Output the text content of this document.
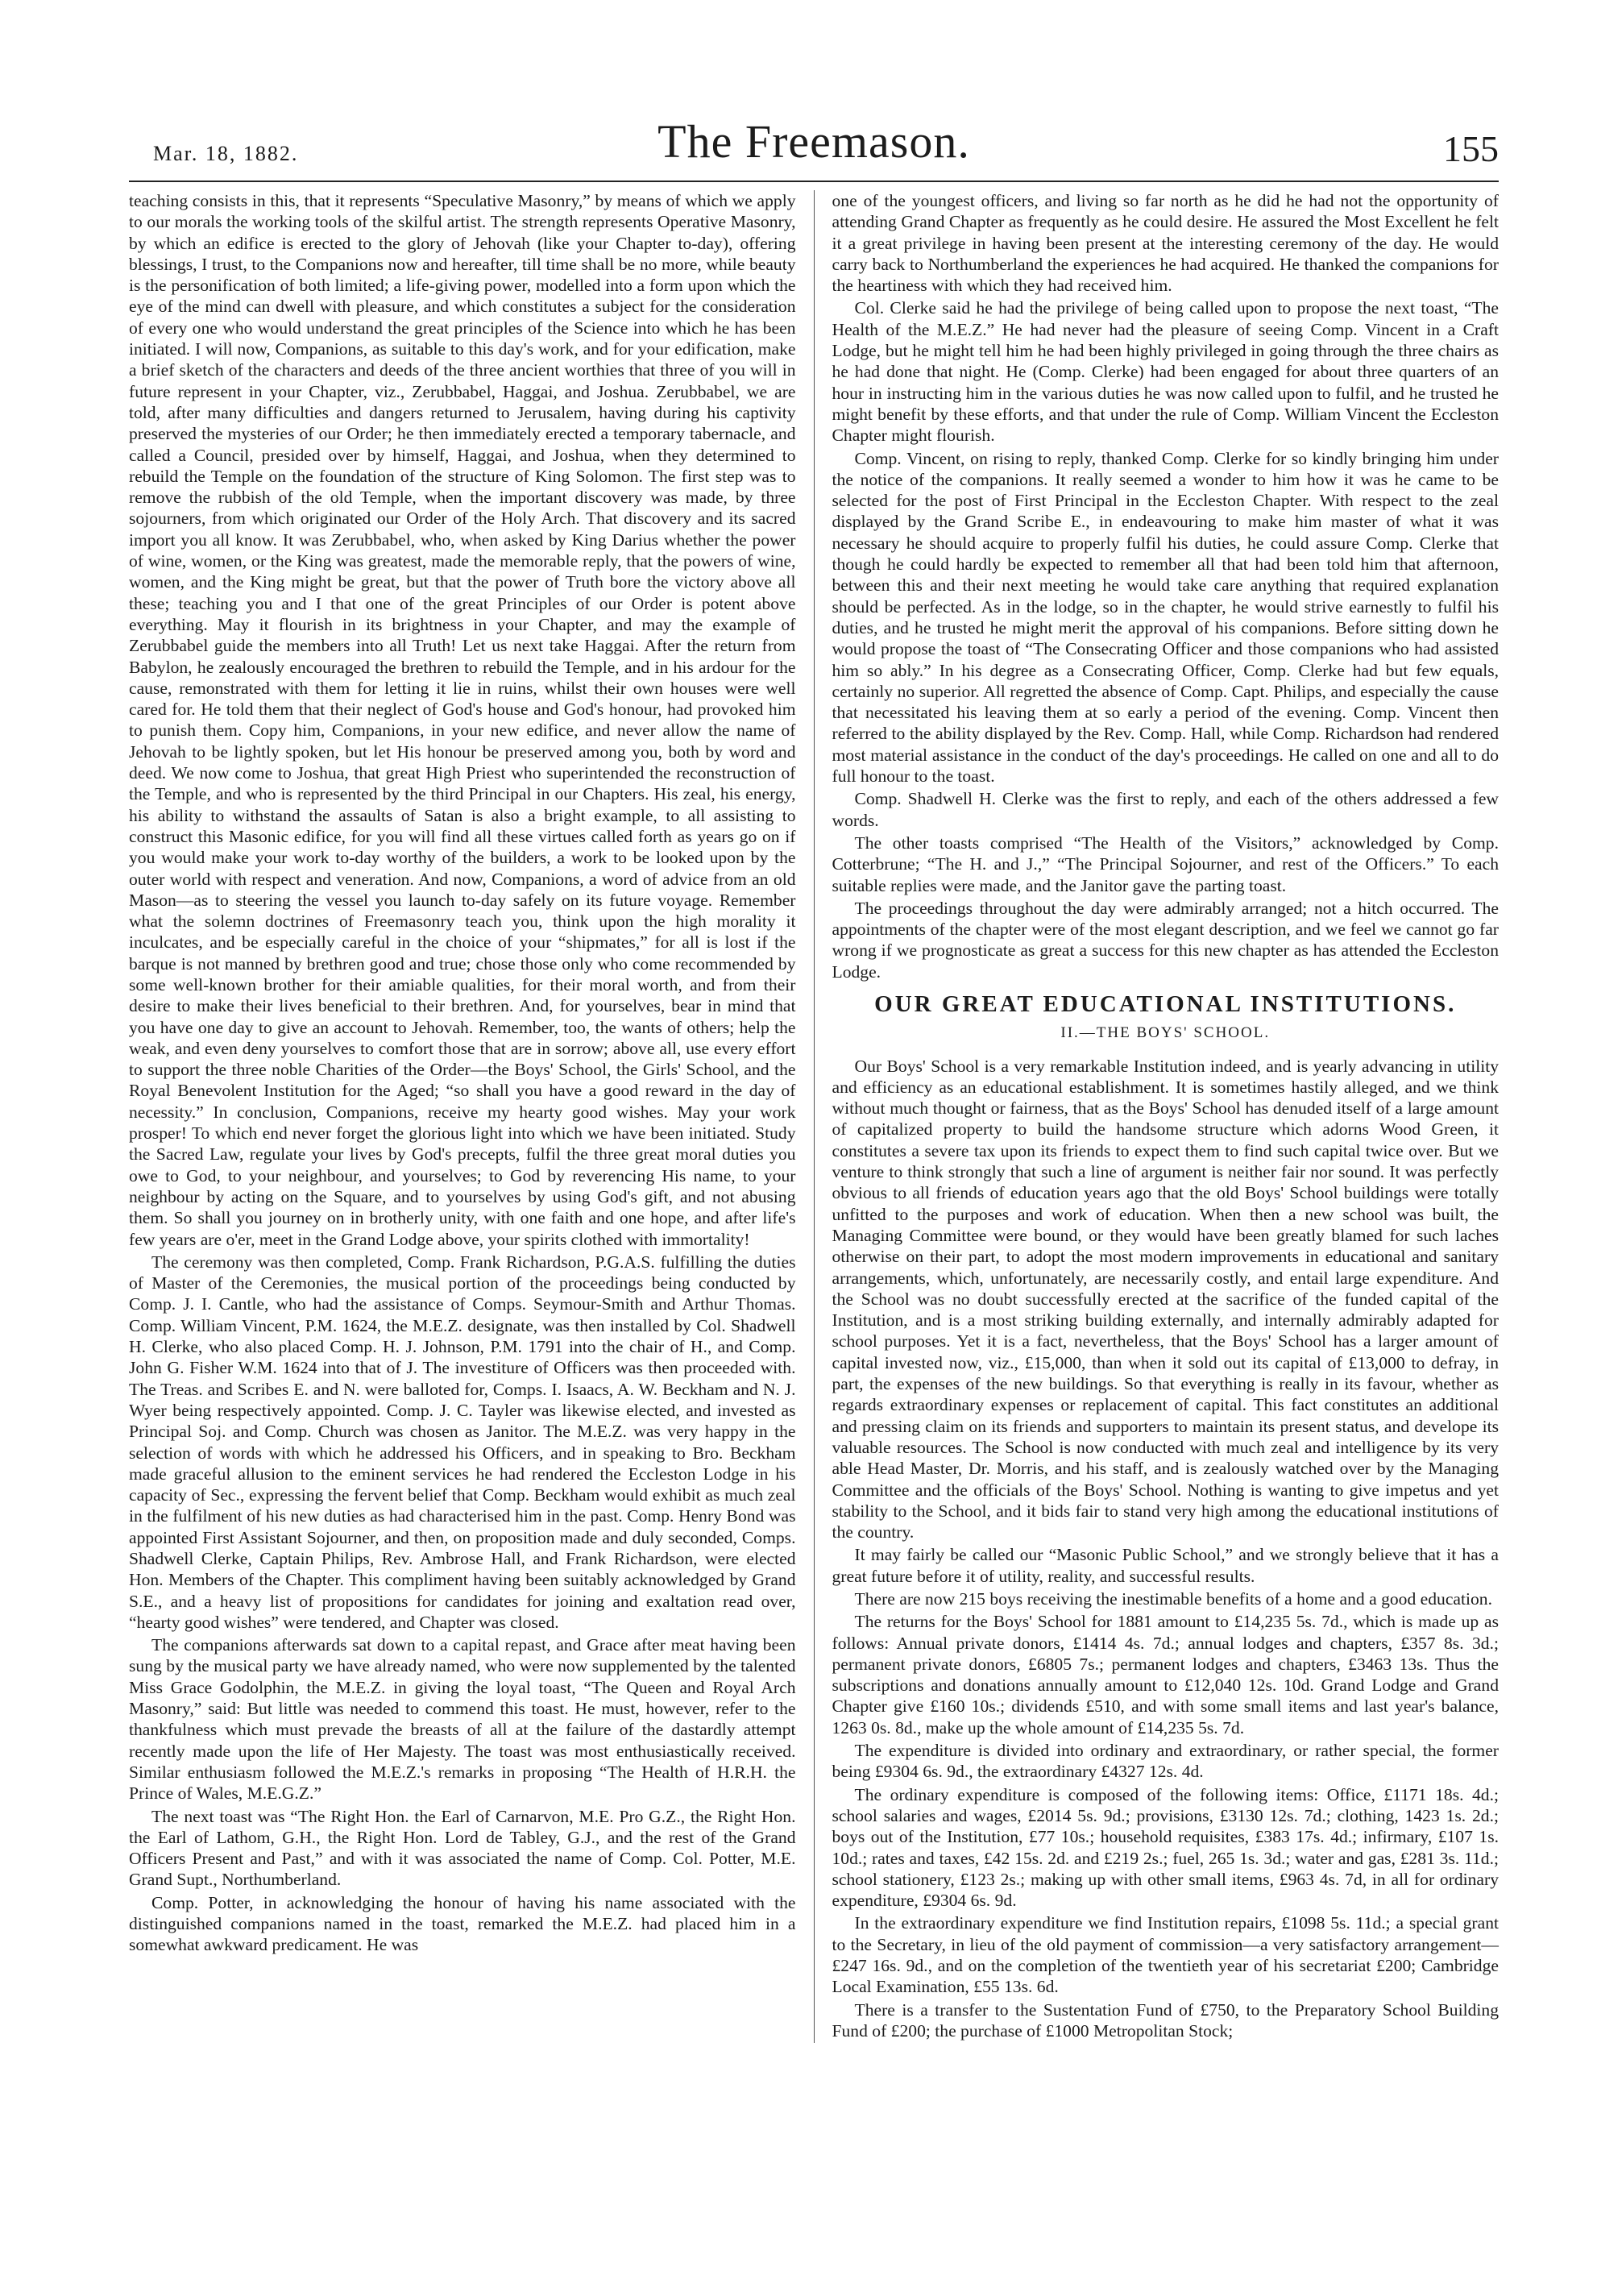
Mar. 18, 1882.	The Freemason.	155

teaching consists in this, that it represents “Speculative Masonry,” by means of which we apply to our morals the working tools of the skilful artist. The strength represents Operative Masonry, by which an edifice is erected to the glory of Jehovah (like your Chapter to-day), offering blessings, I trust, to the Companions now and hereafter, till time shall be no more, while beauty is the personification of both limited; a life-giving power, modelled into a form upon which the eye of the mind can dwell with pleasure, and which constitutes a subject for the consideration of every one who would understand the great principles of the Science into which he has been initiated. I will now, Companions, as suitable to this day's work, and for your edification, make a brief sketch of the characters and deeds of the three ancient worthies that three of you will in future represent in your Chapter, viz., Zerubbabel, Haggai, and Joshua. Zerubbabel, we are told, after many difficulties and dangers returned to Jerusalem, having during his captivity preserved the mysteries of our Order; he then immediately erected a temporary tabernacle, and called a Council, presided over by himself, Haggai, and Joshua, when they determined to rebuild the Temple on the foundation of the structure of King Solomon. The first step was to remove the rubbish of the old Temple, when the important discovery was made, by three sojourners, from which originated our Order of the Holy Arch. That discovery and its sacred import you all know. It was Zerubbabel, who, when asked by King Darius whether the power of wine, women, or the King was greatest, made the memorable reply, that the powers of wine, women, and the King might be great, but that the power of Truth bore the victory above all these; teaching you and I that one of the great Principles of our Order is potent above everything. May it flourish in its brightness in your Chapter, and may the example of Zerubbabel guide the members into all Truth! Let us next take Haggai. After the return from Babylon, he zealously encouraged the brethren to rebuild the Temple, and in his ardour for the cause, remonstrated with them for letting it lie in ruins, whilst their own houses were well cared for. He told them that their neglect of God's house and God's honour, had provoked him to punish them. Copy him, Companions, in your new edifice, and never allow the name of Jehovah to be lightly spoken, but let His honour be preserved among you, both by word and deed. We now come to Joshua, that great High Priest who superintended the reconstruction of the Temple, and who is represented by the third Principal in our Chapters. His zeal, his energy, his ability to withstand the assaults of Satan is also a bright example, to all assisting to construct this Masonic edifice, for you will find all these virtues called forth as years go on if you would make your work to-day worthy of the builders, a work to be looked upon by the outer world with respect and veneration. And now, Companions, a word of advice from an old Mason—as to steering the vessel you launch to-day safely on its future voyage. Remember what the solemn doctrines of Freemasonry teach you, think upon the high morality it inculcates, and be especially careful in the choice of your “shipmates,” for all is lost if the barque is not manned by brethren good and true; chose those only who come recommended by some well-known brother for their amiable qualities, for their moral worth, and from their desire to make their lives beneficial to their brethren. And, for yourselves, bear in mind that you have one day to give an account to Jehovah. Remember, too, the wants of others; help the weak, and even deny yourselves to comfort those that are in sorrow; above all, use every effort to support the three noble Charities of the Order—the Boys' School, the Girls' School, and the Royal Benevolent Institution for the Aged; “so shall you have a good reward in the day of necessity.” In conclusion, Companions, receive my hearty good wishes. May your work prosper! To which end never forget the glorious light into which we have been initiated. Study the Sacred Law, regulate your lives by God's precepts, fulfil the three great moral duties you owe to God, to your neighbour, and yourselves; to God by reverencing His name, to your neighbour by acting on the Square, and to yourselves by using God's gift, and not abusing them. So shall you journey on in brotherly unity, with one faith and one hope, and after life's few years are o'er, meet in the Grand Lodge above, your spirits clothed with immortality!

The ceremony was then completed, Comp. Frank Richardson, P.G.A.S. fulfilling the duties of Master of the Ceremonies, the musical portion of the proceedings being conducted by Comp. J. I. Cantle, who had the assistance of Comps. Seymour-Smith and Arthur Thomas. Comp. William Vincent, P.M. 1624, the M.E.Z. designate, was then installed by Col. Shadwell H. Clerke, who also placed Comp. H. J. Johnson, P.M. 1791 into the chair of H., and Comp. John G. Fisher W.M. 1624 into that of J. The investiture of Officers was then proceeded with. The Treas. and Scribes E. and N. were balloted for, Comps. I. Isaacs, A. W. Beckham and N. J. Wyer being respectively appointed. Comp. J. C. Tayler was likewise elected, and invested as Principal Soj. and Comp. Church was chosen as Janitor. The M.E.Z. was very happy in the selection of words with which he addressed his Officers, and in speaking to Bro. Beckham made graceful allusion to the eminent services he had rendered the Eccleston Lodge in his capacity of Sec., expressing the fervent belief that Comp. Beckham would exhibit as much zeal in the fulfilment of his new duties as had characterised him in the past. Comp. Henry Bond was appointed First Assistant Sojourner, and then, on proposition made and duly seconded, Comps. Shadwell Clerke, Captain Philips, Rev. Ambrose Hall, and Frank Richardson, were elected Hon. Members of the Chapter. This compliment having been suitably acknowledged by Grand S.E., and a heavy list of propositions for candidates for joining and exaltation read over, “hearty good wishes” were tendered, and Chapter was closed.

The companions afterwards sat down to a capital repast, and Grace after meat having been sung by the musical party we have already named, who were now supplemented by the talented Miss Grace Godolphin, the M.E.Z. in giving the loyal toast, “The Queen and Royal Arch Masonry,” said: But little was needed to commend this toast. He must, however, refer to the thankfulness which must prevade the breasts of all at the failure of the dastardly attempt recently made upon the life of Her Majesty. The toast was most enthusiastically received. Similar enthusiasm followed the M.E.Z.'s remarks in proposing “The Health of H.R.H. the Prince of Wales, M.E.G.Z.”

The next toast was “The Right Hon. the Earl of Carnarvon, M.E. Pro G.Z., the Right Hon. the Earl of Lathom, G.H., the Right Hon. Lord de Tabley, G.J., and the rest of the Grand Officers Present and Past,” and with it was associated the name of Comp. Col. Potter, M.E. Grand Supt., Northumberland.

Comp. Potter, in acknowledging the honour of having his name associated with the distinguished companions named in the toast, remarked the M.E.Z. had placed him in a somewhat awkward predicament. He was

one of the youngest officers, and living so far north as he did he had not the opportunity of attending Grand Chapter as frequently as he could desire. He assured the Most Excellent he felt it a great privilege in having been present at the interesting ceremony of the day. He would carry back to Northumberland the experiences he had acquired. He thanked the companions for the heartiness with which they had received him.

Col. Clerke said he had the privilege of being called upon to propose the next toast, “The Health of the M.E.Z.” He had never had the pleasure of seeing Comp. Vincent in a Craft Lodge, but he might tell him he had been highly privileged in going through the three chairs as he had done that night. He (Comp. Clerke) had been engaged for about three quarters of an hour in instructing him in the various duties he was now called upon to fulfil, and he trusted he might benefit by these efforts, and that under the rule of Comp. William Vincent the Eccleston Chapter might flourish.

Comp. Vincent, on rising to reply, thanked Comp. Clerke for so kindly bringing him under the notice of the companions. It really seemed a wonder to him how it was he came to be selected for the post of First Principal in the Eccleston Chapter. With respect to the zeal displayed by the Grand Scribe E., in endeavouring to make him master of what it was necessary he should acquire to properly fulfil his duties, he could assure Comp. Clerke that though he could hardly be expected to remember all that had been told him that afternoon, between this and their next meeting he would take care anything that required explanation should be perfected. As in the lodge, so in the chapter, he would strive earnestly to fulfil his duties, and he trusted he might merit the approval of his companions. Before sitting down he would propose the toast of “The Consecrating Officer and those companions who had assisted him so ably.” In his degree as a Consecrating Officer, Comp. Clerke had but few equals, certainly no superior. All regretted the absence of Comp. Capt. Philips, and especially the cause that necessitated his leaving them at so early a period of the evening. Comp. Vincent then referred to the ability displayed by the Rev. Comp. Hall, while Comp. Richardson had rendered most material assistance in the conduct of the day's proceedings. He called on one and all to do full honour to the toast.

Comp. Shadwell H. Clerke was the first to reply, and each of the others addressed a few words.

The other toasts comprised “The Health of the Visitors,” acknowledged by Comp. Cotterbrune; “The H. and J.,” “The Principal Sojourner, and rest of the Officers.” To each suitable replies were made, and the Janitor gave the parting toast.

The proceedings throughout the day were admirably arranged; not a hitch occurred. The appointments of the chapter were of the most elegant description, and we feel we cannot go far wrong if we prognosticate as great a success for this new chapter as has attended the Eccleston Lodge.

OUR GREAT EDUCATIONAL INSTITUTIONS.
II.—THE BOYS' SCHOOL.

Our Boys' School is a very remarkable Institution indeed, and is yearly advancing in utility and efficiency as an educational establishment. It is sometimes hastily alleged, and we think without much thought or fairness, that as the Boys' School has denuded itself of a large amount of capitalized property to build the handsome structure which adorns Wood Green, it constitutes a severe tax upon its friends to expect them to find such capital twice over. But we venture to think strongly that such a line of argument is neither fair nor sound. It was perfectly obvious to all friends of education years ago that the old Boys' School buildings were totally unfitted to the purposes and work of education. When then a new school was built, the Managing Committee were bound, or they would have been greatly blamed for such laches otherwise on their part, to adopt the most modern improvements in educational and sanitary arrangements, which, unfortunately, are necessarily costly, and entail large expenditure. And the School was no doubt successfully erected at the sacrifice of the funded capital of the Institution, and is a most striking building externally, and internally admirably adapted for school purposes. Yet it is a fact, nevertheless, that the Boys' School has a larger amount of capital invested now, viz., £15,000, than when it sold out its capital of £13,000 to defray, in part, the expenses of the new buildings. So that everything is really in its favour, whether as regards extraordinary expenses or replacement of capital. This fact constitutes an additional and pressing claim on its friends and supporters to maintain its present status, and develope its valuable resources. The School is now conducted with much zeal and intelligence by its very able Head Master, Dr. Morris, and his staff, and is zealously watched over by the Managing Committee and the officials of the Boys' School. Nothing is wanting to give impetus and yet stability to the School, and it bids fair to stand very high among the educational institutions of the country.

It may fairly be called our “Masonic Public School,” and we strongly believe that it has a great future before it of utility, reality, and successful results.

There are now 215 boys receiving the inestimable benefits of a home and a good education.

The returns for the Boys' School for 1881 amount to £14,235 5s. 7d., which is made up as follows: Annual private donors, £1414 4s. 7d.; annual lodges and chapters, £357 8s. 3d.; permanent private donors, £6805 7s.; permanent lodges and chapters, £3463 13s. Thus the subscriptions and donations annually amount to £12,040 12s. 10d. Grand Lodge and Grand Chapter give £160 10s.; dividends £510, and with some small items and last year's balance, 1263 0s. 8d., make up the whole amount of £14,235 5s. 7d.

The expenditure is divided into ordinary and extraordinary, or rather special, the former being £9304 6s. 9d., the extraordinary £4327 12s. 4d.

The ordinary expenditure is composed of the following items: Office, £1171 18s. 4d.; school salaries and wages, £2014 5s. 9d.; provisions, £3130 12s. 7d.; clothing, 1423 1s. 2d.; boys out of the Institution, £77 10s.; household requisites, £383 17s. 4d.; infirmary, £107 1s. 10d.; rates and taxes, £42 15s. 2d. and £219 2s.; fuel, 265 1s. 3d.; water and gas, £281 3s. 11d.; school stationery, £123 2s.; making up with other small items, £963 4s. 7d, in all for ordinary expenditure, £9304 6s. 9d.

In the extraordinary expenditure we find Institution repairs, £1098 5s. 11d.; a special grant to the Secretary, in lieu of the old payment of commission—a very satisfactory arrangement—£247 16s. 9d., and on the completion of the twentieth year of his secretariat £200; Cambridge Local Examination, £55 13s. 6d.

There is a transfer to the Sustentation Fund of £750, to the Preparatory School Building Fund of £200; the purchase of £1000 Metropolitan Stock;
